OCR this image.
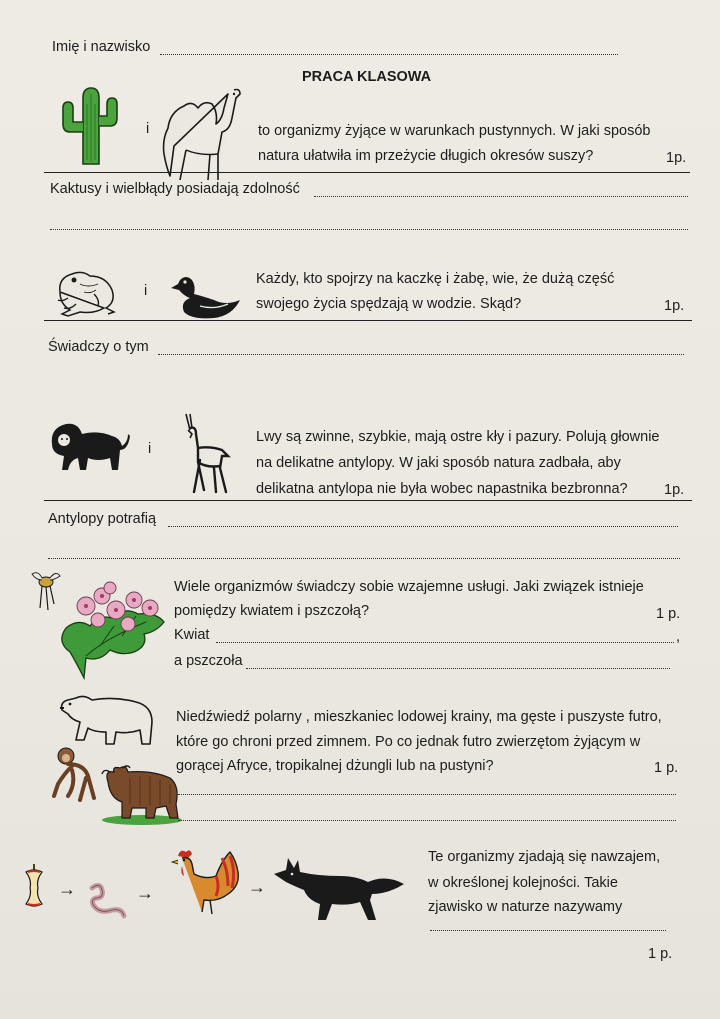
Imię i nazwisko
PRACA KLASOWA
i	to organizmy żyjące w warunkach pustynnych. W jaki sposób
natura ułatwiła im przeżycie długich okresów suszy?	1p.
Kaktusy i wielbłądy posiadają zdolność
i
Każdy, kto spojrzy na kaczkę i żabę, wie, że dużą część
swojego życia spędzają w wodzie. Skąd?	1p.
Świadczy o tym
i
Lwy są zwinne, szybkie, mają ostre kły i pazury. Polują głownie
na delikatne antylopy. W jaki sposób natura zadbała, aby
delikatna antylopa nie była wobec napastnika bezbronna?	1p.
Antylopy potrafią
Wiele organizmów świadczy sobie wzajemne usługi. Jaki związek istnieje
pomiędzy kwiatem i pszczołą?	1 p.
Kwiat	,
a pszczoła
Niedźwiedź polarny , mieszkaniec lodowej krainy, ma gęste i puszyste futro,
które go chroni przed zimnem. Po co jednak futro zwierzętom żyjącym w
gorącej Afryce, tropikalnej dżungli lub na pustyni?	1 p.
→	→	→
Te organizmy zjadają się nawzajem,
w określonej kolejności. Takie
zjawisko w naturze nazywamy
1 p.
